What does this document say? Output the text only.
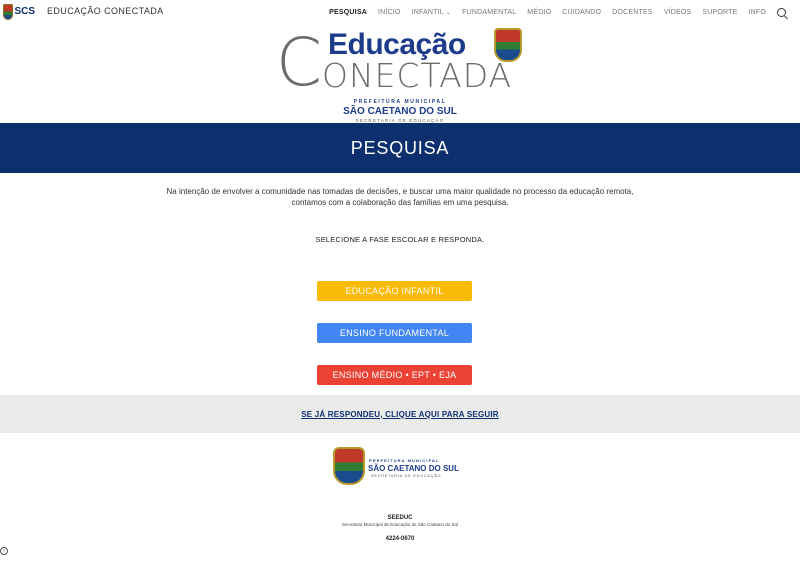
SCS EDUCAÇÃO CONECTADA	PESQUISA INÍCIO INFANTIL ⌄ FUNDAMENTAL MÉDIO CUIDANDO DOCENTES VÍDEOS SUPORTE INFO
C Educação
ONECTADA
PREFEITURA MUNICIPAL
SÃO CAETANO DO SUL
SECRETARIA DE EDUCAÇÃO
PESQUISA
Na intenção de envolver a comunidade nas tomadas de decisões, e buscar uma maior qualidade no processo da educação remota,
contamos com a colaboração das famílias em uma pesquisa.
SELECIONE A FASE ESCOLAR E RESPONDA.
EDUCAÇÃO INFANTIL
ENSINO FUNDAMENTAL
ENSINO MÉDIO • EPT • EJA
SE JÁ RESPONDEU, CLIQUE AQUI PARA SEGUIR
PREFEITURA MUNICIPAL
SÃO CAETANO DO SUL
SECRETARIA DE EDUCAÇÃO
SEEDUC
Secretaria Municipal de Educação de São Caetano do Sul
4224-0670
i
